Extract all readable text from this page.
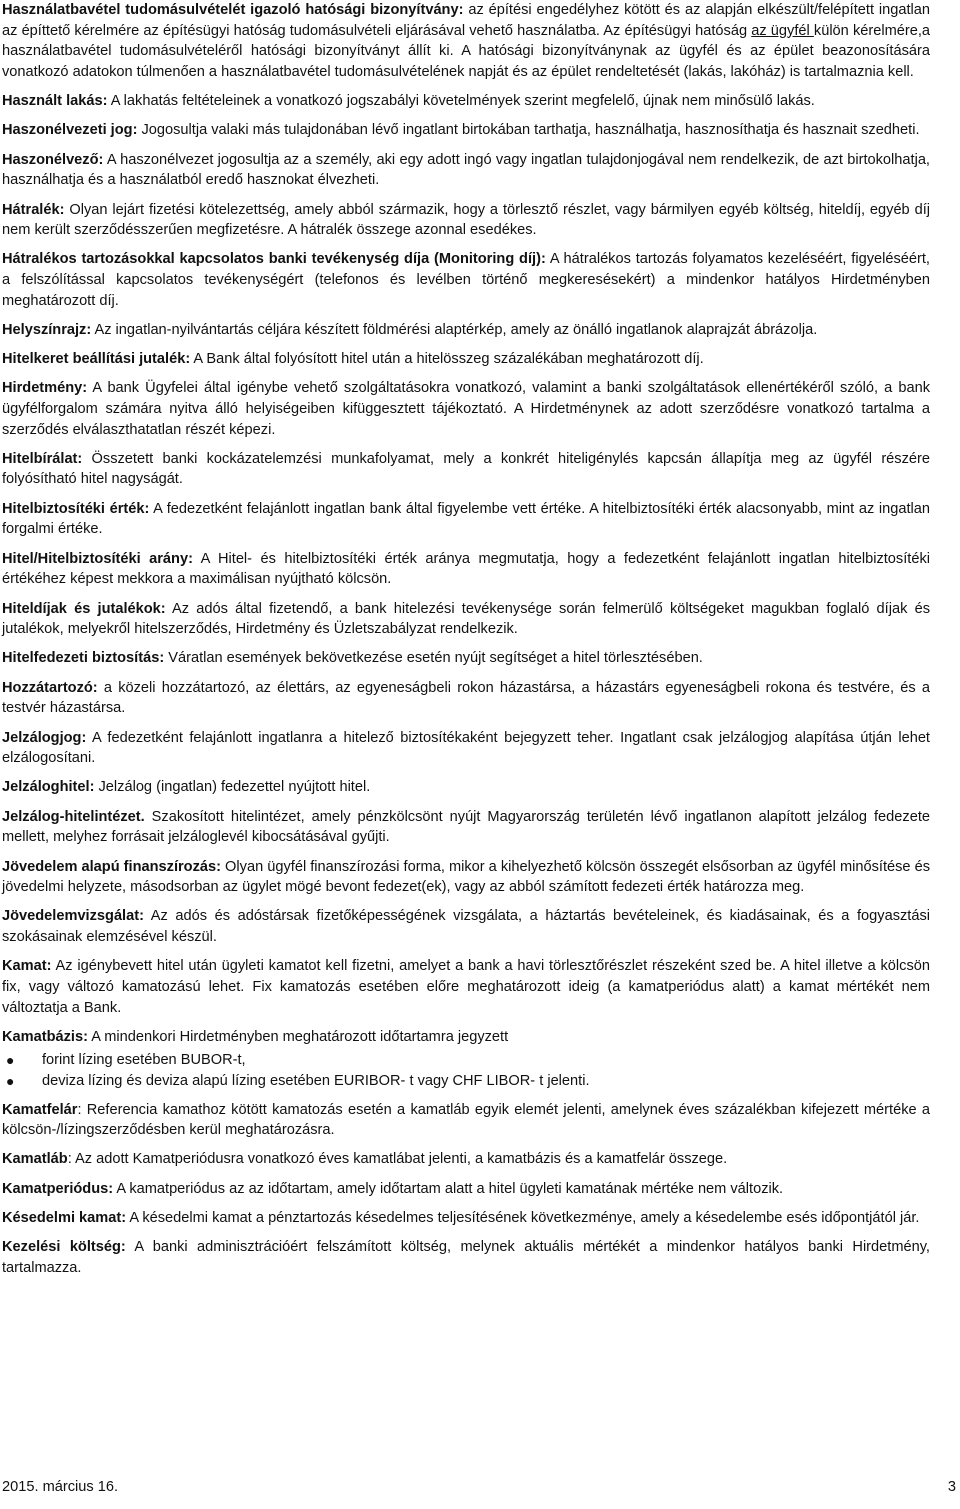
Használatbavétel tudomásulvételét igazoló hatósági bizonyítvány: az építési engedélyhez kötött és az alapján elkészült/felépített ingatlan az építtető kérelmére az építésügyi hatóság tudomásulvételi eljárásával vehető használatba. Az építésügyi hatóság az ügyfél külön kérelmére,a használatbavétel tudomásulvételéről hatósági bizonyítványt állít ki. A hatósági bizonyítványnak az ügyfél és az épület beazonosítására vonatkozó adatokon túlmenően a használatbavétel tudomásulvételének napját és az épület rendeltetését (lakás, lakóház) is tartalmaznia kell.

Használt lakás: A lakhatás feltételeinek a vonatkozó jogszabályi követelmények szerint megfelelő, újnak nem minősülő lakás.

Haszonélvezeti jog: Jogosultja valaki más tulajdonában lévő ingatlant birtokában tarthatja, használhatja, hasznosíthatja és hasznait szedheti.

Haszonélvező: A haszonélvezet jogosultja az a személy, aki egy adott ingó vagy ingatlan tulajdonjogával nem rendelkezik, de azt birtokolhatja, használhatja és a használatból eredő hasznokat élvezheti.

Hátralék: Olyan lejárt fizetési kötelezettség, amely abból származik, hogy a törlesztő részlet, vagy bármilyen egyéb költség, hiteldíj, egyéb díj nem került szerződésszerűen megfizetésre. A hátralék összege azonnal esedékes.

Hátralékos tartozásokkal kapcsolatos banki tevékenység díja (Monitoring díj): A hátralékos tartozás folyamatos kezeléséért, figyeléséért, a felszólítással kapcsolatos tevékenységért (telefonos és levélben történő megkeresésekért) a mindenkor hatályos Hirdetményben meghatározott díj.

Helyszínrajz: Az ingatlan-nyilvántartás céljára készített földmérési alaptérkép, amely az önálló ingatlanok alaprajzát ábrázolja.

Hitelkeret beállítási jutalék: A Bank által folyósított hitel után a hitelösszeg százalékában meghatározott díj.

Hirdetmény: A bank Ügyfelei által igénybe vehető szolgáltatásokra vonatkozó, valamint a banki szolgáltatások ellenértékéről szóló, a bank ügyfélforgalom számára nyitva álló helyiségeiben kifüggesztett tájékoztató. A Hirdetménynek az adott szerződésre vonatkozó tartalma a szerződés elválaszthatatlan részét képezi.

Hitelbírálat: Összetett banki kockázatelemzési munkafolyamat, mely a konkrét hiteligénylés kapcsán állapítja meg az ügyfél részére folyósítható hitel nagyságát.

Hitelbiztosítéki érték: A fedezetként felajánlott ingatlan bank által figyelembe vett értéke. A hitelbiztosítéki érték alacsonyabb, mint az ingatlan forgalmi értéke.

Hitel/Hitelbiztosítéki arány: A Hitel- és hitelbiztosítéki érték aránya megmutatja, hogy a fedezetként felajánlott ingatlan hitelbiztosítéki értékéhez képest mekkora a maximálisan nyújtható kölcsön.

Hiteldíjak és jutalékok: Az adós által fizetendő, a bank hitelezési tevékenysége során felmerülő költségeket magukban foglaló díjak és jutalékok, melyekről hitelszerződés, Hirdetmény és Üzletszabályzat rendelkezik.

Hitelfedezeti biztosítás: Váratlan események bekövetkezése esetén nyújt segítséget a hitel törlesztésében.

Hozzátartozó: a közeli hozzátartozó, az élettárs, az egyeneságbeli rokon házastársa, a házastárs egyeneságbeli rokona és testvére, és a testvér házastársa.

Jelzálogjog: A fedezetként felajánlott ingatlanra a hitelező biztosítékaként bejegyzett teher. Ingatlant csak jelzálogjog alapítása útján lehet elzálogosítani.

Jelzáloghitel: Jelzálog (ingatlan) fedezettel nyújtott hitel.

Jelzálog-hitelintézet. Szakosított hitelintézet, amely pénzkölcsönt nyújt Magyarország területén lévő ingatlanon alapított jelzálog fedezete mellett, melyhez forrásait jelzáloglevél kibocsátásával gyűjti.

Jövedelem alapú finanszírozás: Olyan ügyfél finanszírozási forma, mikor a kihelyezhető kölcsön összegét elsősorban az ügyfél minősítése és jövedelmi helyzete, másodsorban az ügylet mögé bevont fedezet(ek), vagy az abból számított fedezeti érték határozza meg.

Jövedelemvizsgálat: Az adós és adóstársak fizetőképességének vizsgálata, a háztartás bevételeinek, és kiadásainak, és a fogyasztási szokásainak elemzésével készül.

Kamat: Az igénybevett hitel után ügyleti kamatot kell fizetni, amelyet a bank a havi törlesztőrészlet részeként szed be. A hitel illetve a kölcsön fix, vagy változó kamatozású lehet. Fix kamatozás esetében előre meghatározott ideig (a kamatperiódus alatt) a kamat mértékét nem változtatja a Bank.

Kamatbázis: A mindenkori Hirdetményben meghatározott időtartamra jegyzett

● forint lízing esetében BUBOR-t,
● deviza lízing és deviza alapú lízing esetében EURIBOR- t vagy CHF LIBOR- t jelenti.

Kamatfelár: Referencia kamathoz kötött kamatozás esetén a kamatláb egyik elemét jelenti, amelynek éves százalékban kifejezett mértéke a kölcsön-/lízingszerződésben kerül meghatározásra.

Kamatláb: Az adott Kamatperiódusra vonatkozó éves kamatlábat jelenti, a kamatbázis és a kamatfelár összege.

Kamatperiódus: A kamatperiódus az az időtartam, amely időtartam alatt a hitel ügyleti kamatának mértéke nem változik.

Késedelmi kamat: A késedelmi kamat a pénztartozás késedelmes teljesítésének következménye, amely a késedelembe esés időpontjától jár.

Kezelési költség: A banki adminisztrációért felszámított költség, melynek aktuális mértékét a mindenkor hatályos banki Hirdetmény, tartalmazza.

2015. március 16.	3
